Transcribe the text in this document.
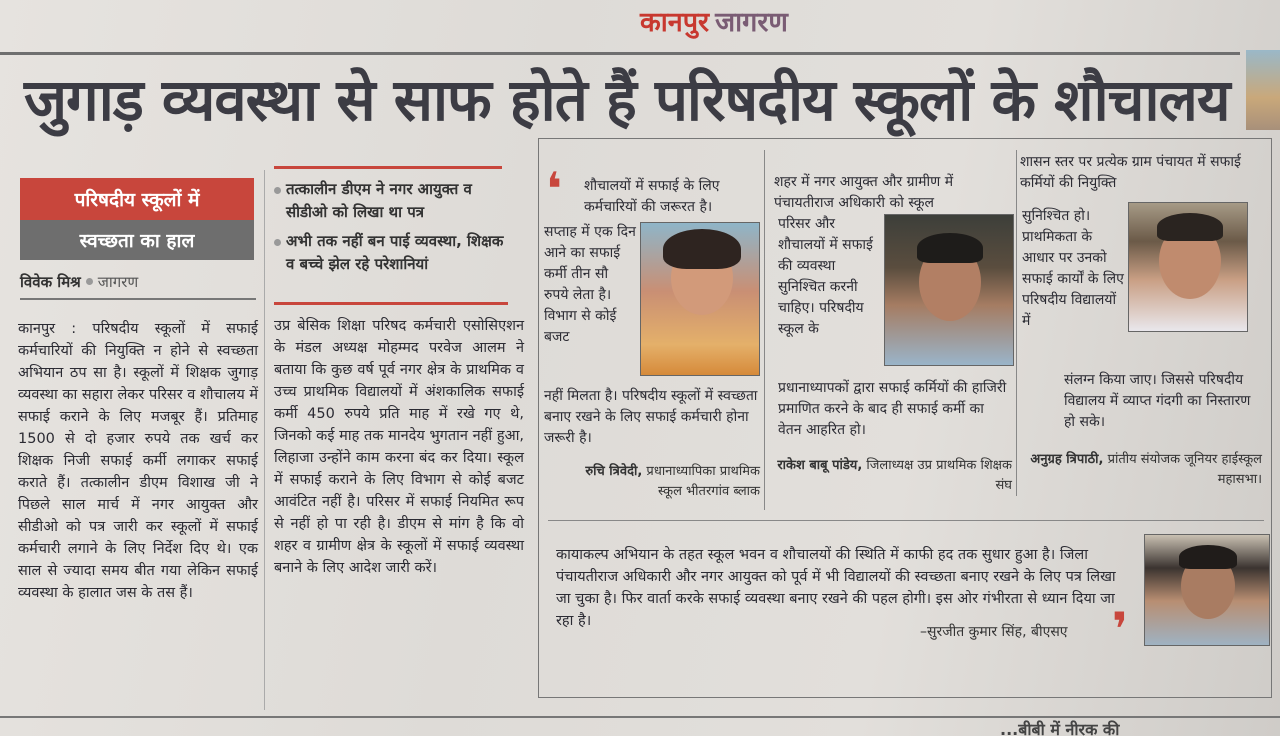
कानपुर जागरण
जुगाड़ व्यवस्था से साफ होते हैं परिषदीय स्कूलों के शौचालय
परिषदीय स्कूलों में
स्वच्छता का हाल
विवेक मिश्र जागरण
कानपुर : परिषदीय स्कूलों में सफाई कर्मचारियों की नियुक्ति न होने से स्वच्छता अभियान ठप सा है। स्कूलों में शिक्षक जुगाड़ व्यवस्था का सहारा लेकर परिसर व शौचालय में सफाई कराने के लिए मजबूर हैं। प्रतिमाह 1500 से दो हजार रुपये तक खर्च कर शिक्षक निजी सफाई कर्मी लगाकर सफाई कराते हैं। तत्कालीन डीएम विशाख जी ने पिछले साल मार्च में नगर आयुक्त और सीडीओ को पत्र जारी कर स्कूलों में सफाई कर्मचारी लगाने के लिए निर्देश दिए थे। एक साल से ज्यादा समय बीत गया लेकिन सफाई व्यवस्था के हालात जस के तस हैं।
तत्कालीन डीएम ने नगर आयुक्त व सीडीओ को लिखा था पत्र
अभी तक नहीं बन पाई व्यवस्था, शिक्षक व बच्चे झेल रहे परेशानियां
उप्र बेसिक शिक्षा परिषद कर्मचारी एसोसिएशन के मंडल अध्यक्ष मोहम्मद परवेज आलम ने बताया कि कुछ वर्ष पूर्व नगर क्षेत्र के प्राथमिक व उच्च प्राथमिक विद्यालयों में अंशकालिक सफाई कर्मी 450 रुपये प्रति माह में रखे गए थे, जिनको कई माह तक मानदेय भुगतान नहीं हुआ, लिहाजा उन्होंने काम करना बंद कर दिया। स्कूल में सफाई कराने के लिए विभाग से कोई बजट आवंटित नहीं है। परिसर में सफाई नियमित रूप से नहीं हो पा रही है। डीएम से मांग है कि वो शहर व ग्रामीण क्षेत्र के स्कूलों में सफाई व्यवस्था बनाने के लिए आदेश जारी करें।
❛ शौचालयों में सफाई के लिए कर्मचारियों की जरूरत है।
सप्ताह में एक दिन आने का सफाई कर्मी तीन सौ रुपये लेता है। विभाग से कोई बजट
नहीं मिलता है। परिषदीय स्कूलों में स्वच्छता बनाए रखने के लिए सफाई कर्मचारी होना जरूरी है।
रुचि त्रिवेदी, प्रधानाध्यापिका प्राथमिक स्कूल भीतरगांव ब्लाक
शहर में नगर आयुक्त और ग्रामीण में पंचायतीराज अधिकारी को स्कूल
परिसर और शौचालयों में सफाई की व्यवस्था सुनिश्चित करनी चाहिए। परिषदीय स्कूल के
प्रधानाध्यापकों द्वारा सफाई कर्मियों की हाजिरी प्रमाणित करने के बाद ही सफाई कर्मी का वेतन आहरित हो।
राकेश बाबू पांडेय, जिलाध्यक्ष उप्र प्राथमिक शिक्षक संघ
शासन स्तर पर प्रत्येक ग्राम पंचायत में सफाई कर्मियों की नियुक्ति
सुनिश्चित हो। प्राथमिकता के आधार पर उनको सफाई कार्यों के लिए परिषदीय विद्यालयों में
संलग्न किया जाए। जिससे परिषदीय विद्यालय में व्याप्त गंदगी का निस्तारण हो सके।
अनुग्रह त्रिपाठी, प्रांतीय संयोजक जूनियर हाईस्कूल महासभा।
कायाकल्प अभियान के तहत स्कूल भवन व शौचालयों की स्थिति में काफी हद तक सुधार हुआ है। जिला पंचायतीराज अधिकारी और नगर आयुक्त को पूर्व में भी विद्यालयों की स्वच्छता बनाए रखने के लिए पत्र लिखा जा चुका है। फिर वार्ता करके सफाई व्यवस्था बनाए रखने की पहल होगी। इस ओर गंभीरता से ध्यान दिया जा रहा है।
–सुरजीत कुमार सिंह, बीएसए ❜
...बीबी में नीरक की
